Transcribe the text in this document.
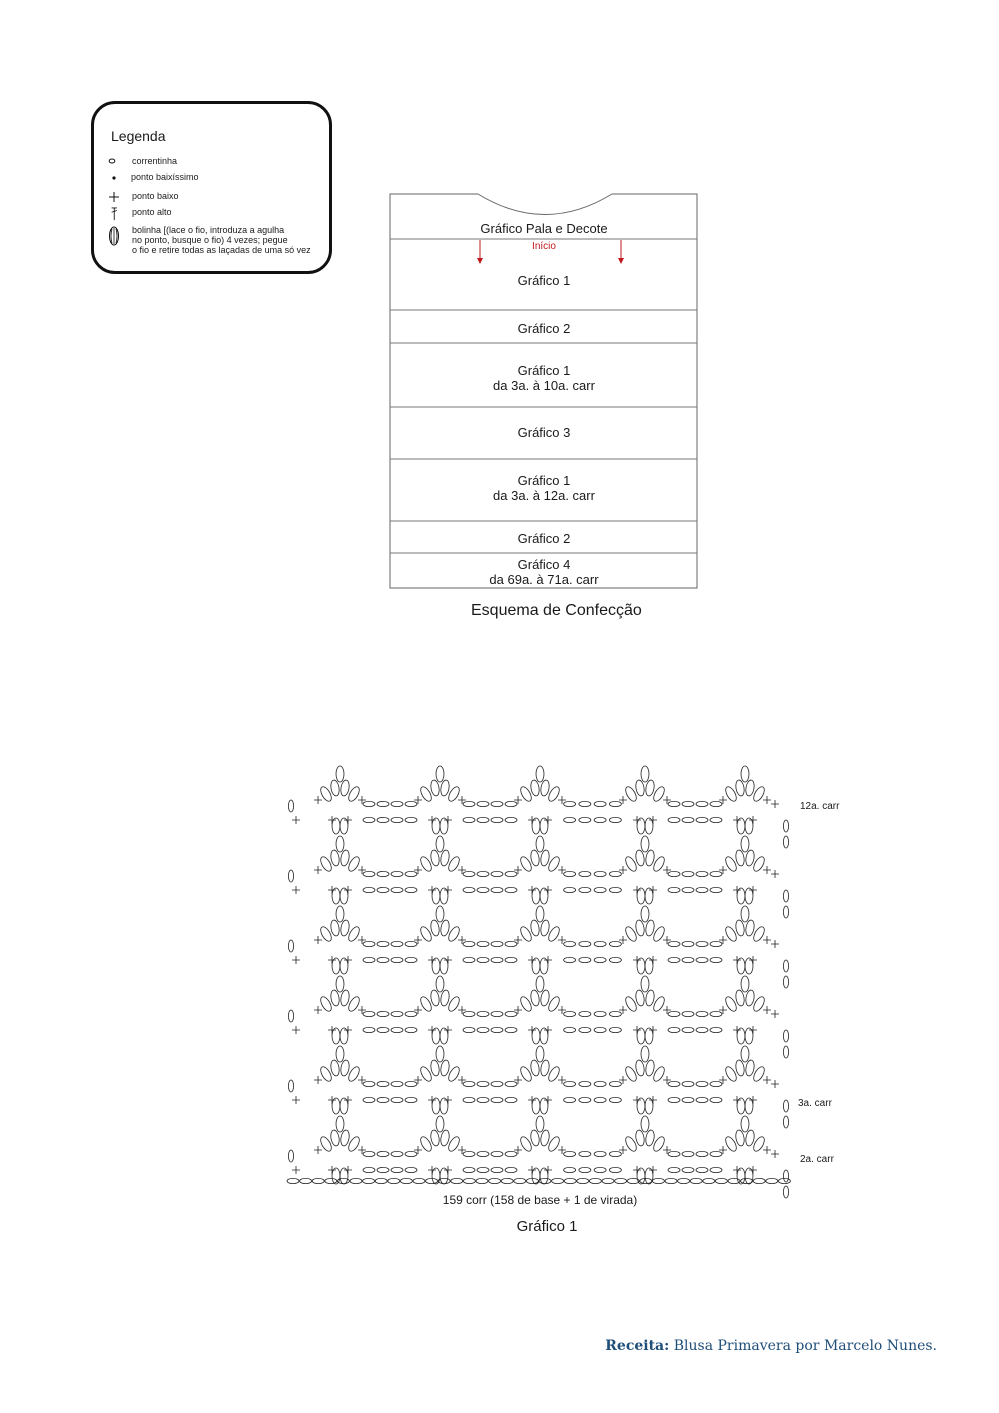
Legenda
correntinha
ponto baixíssimo
ponto baixo
ponto alto
bolinha [(lace o fio, introduza a agulha
no ponto, busque o fio) 4 vezes; pegue
o fio e retire todas as laçadas de uma só vez	Início
Gráfico Pala e Decote
Gráfico 1
Gráfico 2
Gráfico 1
da 3a. à 10a. carr
Gráfico 3
Gráfico 1
da 3a. à 12a. carr
Gráfico 2
Gráfico 4
da 69a. à 71a. carr
Esquema de Confecção
12a. carr
3a. carr
2a. carr
159 corr (158 de base + 1 de virada)
Gráfico 1
Receita: Blusa Primavera por Marcelo Nunes.
